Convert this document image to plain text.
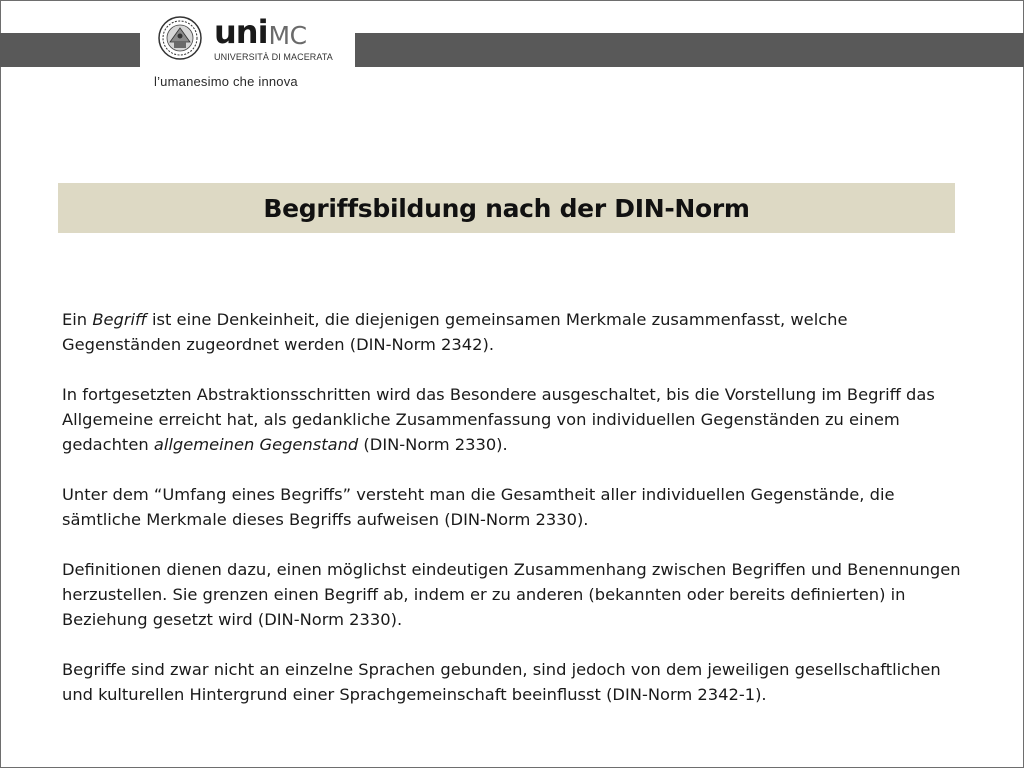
uni MC
UNIVERSITÀ DI MACERATA
l’umanesimo che innova
Begriffsbildung nach der DIN-Norm

Ein Begriff ist eine Denkeinheit, die diejenigen gemeinsamen Merkmale zusammenfasst, welche Gegenständen zugeordnet werden (DIN-Norm 2342).

In fortgesetzten Abstraktionsschritten wird das Besondere ausgeschaltet, bis die Vorstellung im Begriff das Allgemeine erreicht hat, als gedankliche Zusammenfassung von individuellen Gegenständen zu einem gedachten allgemeinen Gegenstand (DIN-Norm 2330).

Unter dem “Umfang eines Begriffs” versteht man die Gesamtheit aller individuellen Gegenstände, die sämtliche Merkmale dieses Begriffs aufweisen (DIN-Norm 2330).

Definitionen dienen dazu, einen möglichst eindeutigen Zusammenhang zwischen Begriffen und Benennungen herzustellen. Sie grenzen einen Begriff ab, indem er zu anderen (bekannten oder bereits definierten) in Beziehung gesetzt wird (DIN-Norm 2330).

Begriffe sind zwar nicht an einzelne Sprachen gebunden, sind jedoch von dem jeweiligen gesellschaftlichen und kulturellen Hintergrund einer Sprachgemeinschaft beeinflusst (DIN-Norm 2342-1).
